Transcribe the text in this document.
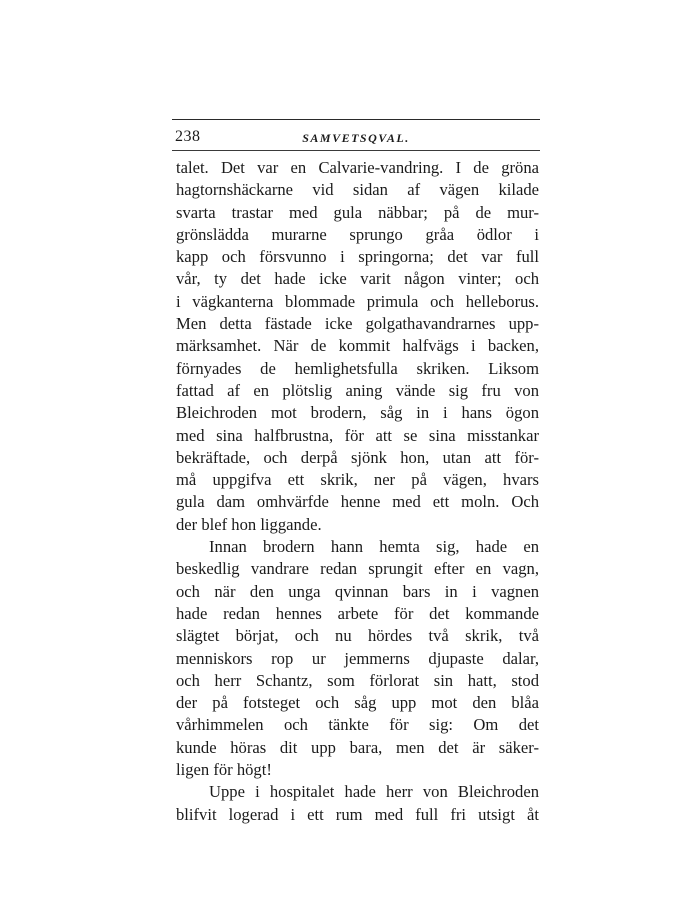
238	SAMVETSQVAL.
talet. Det var en Calvarie-vandring. I de gröna
hagtornshäckarne vid sidan af vägen kilade
svarta trastar med gula näbbar; på de mur-
grönslädda murarne sprungo gråa ödlor i
kapp och försvunno i springorna; det var full
vår, ty det hade icke varit någon vinter; och
i vägkanterna blommade primula och helleborus.
Men detta fästade icke golgathavandrarnes upp-
märksamhet. När de kommit halfvägs i backen,
förnyades de hemlighetsfulla skriken. Liksom
fattad af en plötslig aning vände sig fru von
Bleichroden mot brodern, såg in i hans ögon
med sina halfbrustna, för att se sina misstankar
bekräftade, och derpå sjönk hon, utan att för-
må uppgifva ett skrik, ner på vägen, hvars
gula dam omhvärfde henne med ett moln. Och
der blef hon liggande.
Innan brodern hann hemta sig, hade en
beskedlig vandrare redan sprungit efter en vagn,
och när den unga qvinnan bars in i vagnen
hade redan hennes arbete för det kommande
slägtet börjat, och nu hördes två skrik, två
menniskors rop ur jemmerns djupaste dalar,
och herr Schantz, som förlorat sin hatt, stod
der på fotsteget och såg upp mot den blåa
vårhimmelen och tänkte för sig: Om det
kunde höras dit upp bara, men det är säker-
ligen för högt!
Uppe i hospitalet hade herr von Bleichroden
blifvit logerad i ett rum med full fri utsigt åt
